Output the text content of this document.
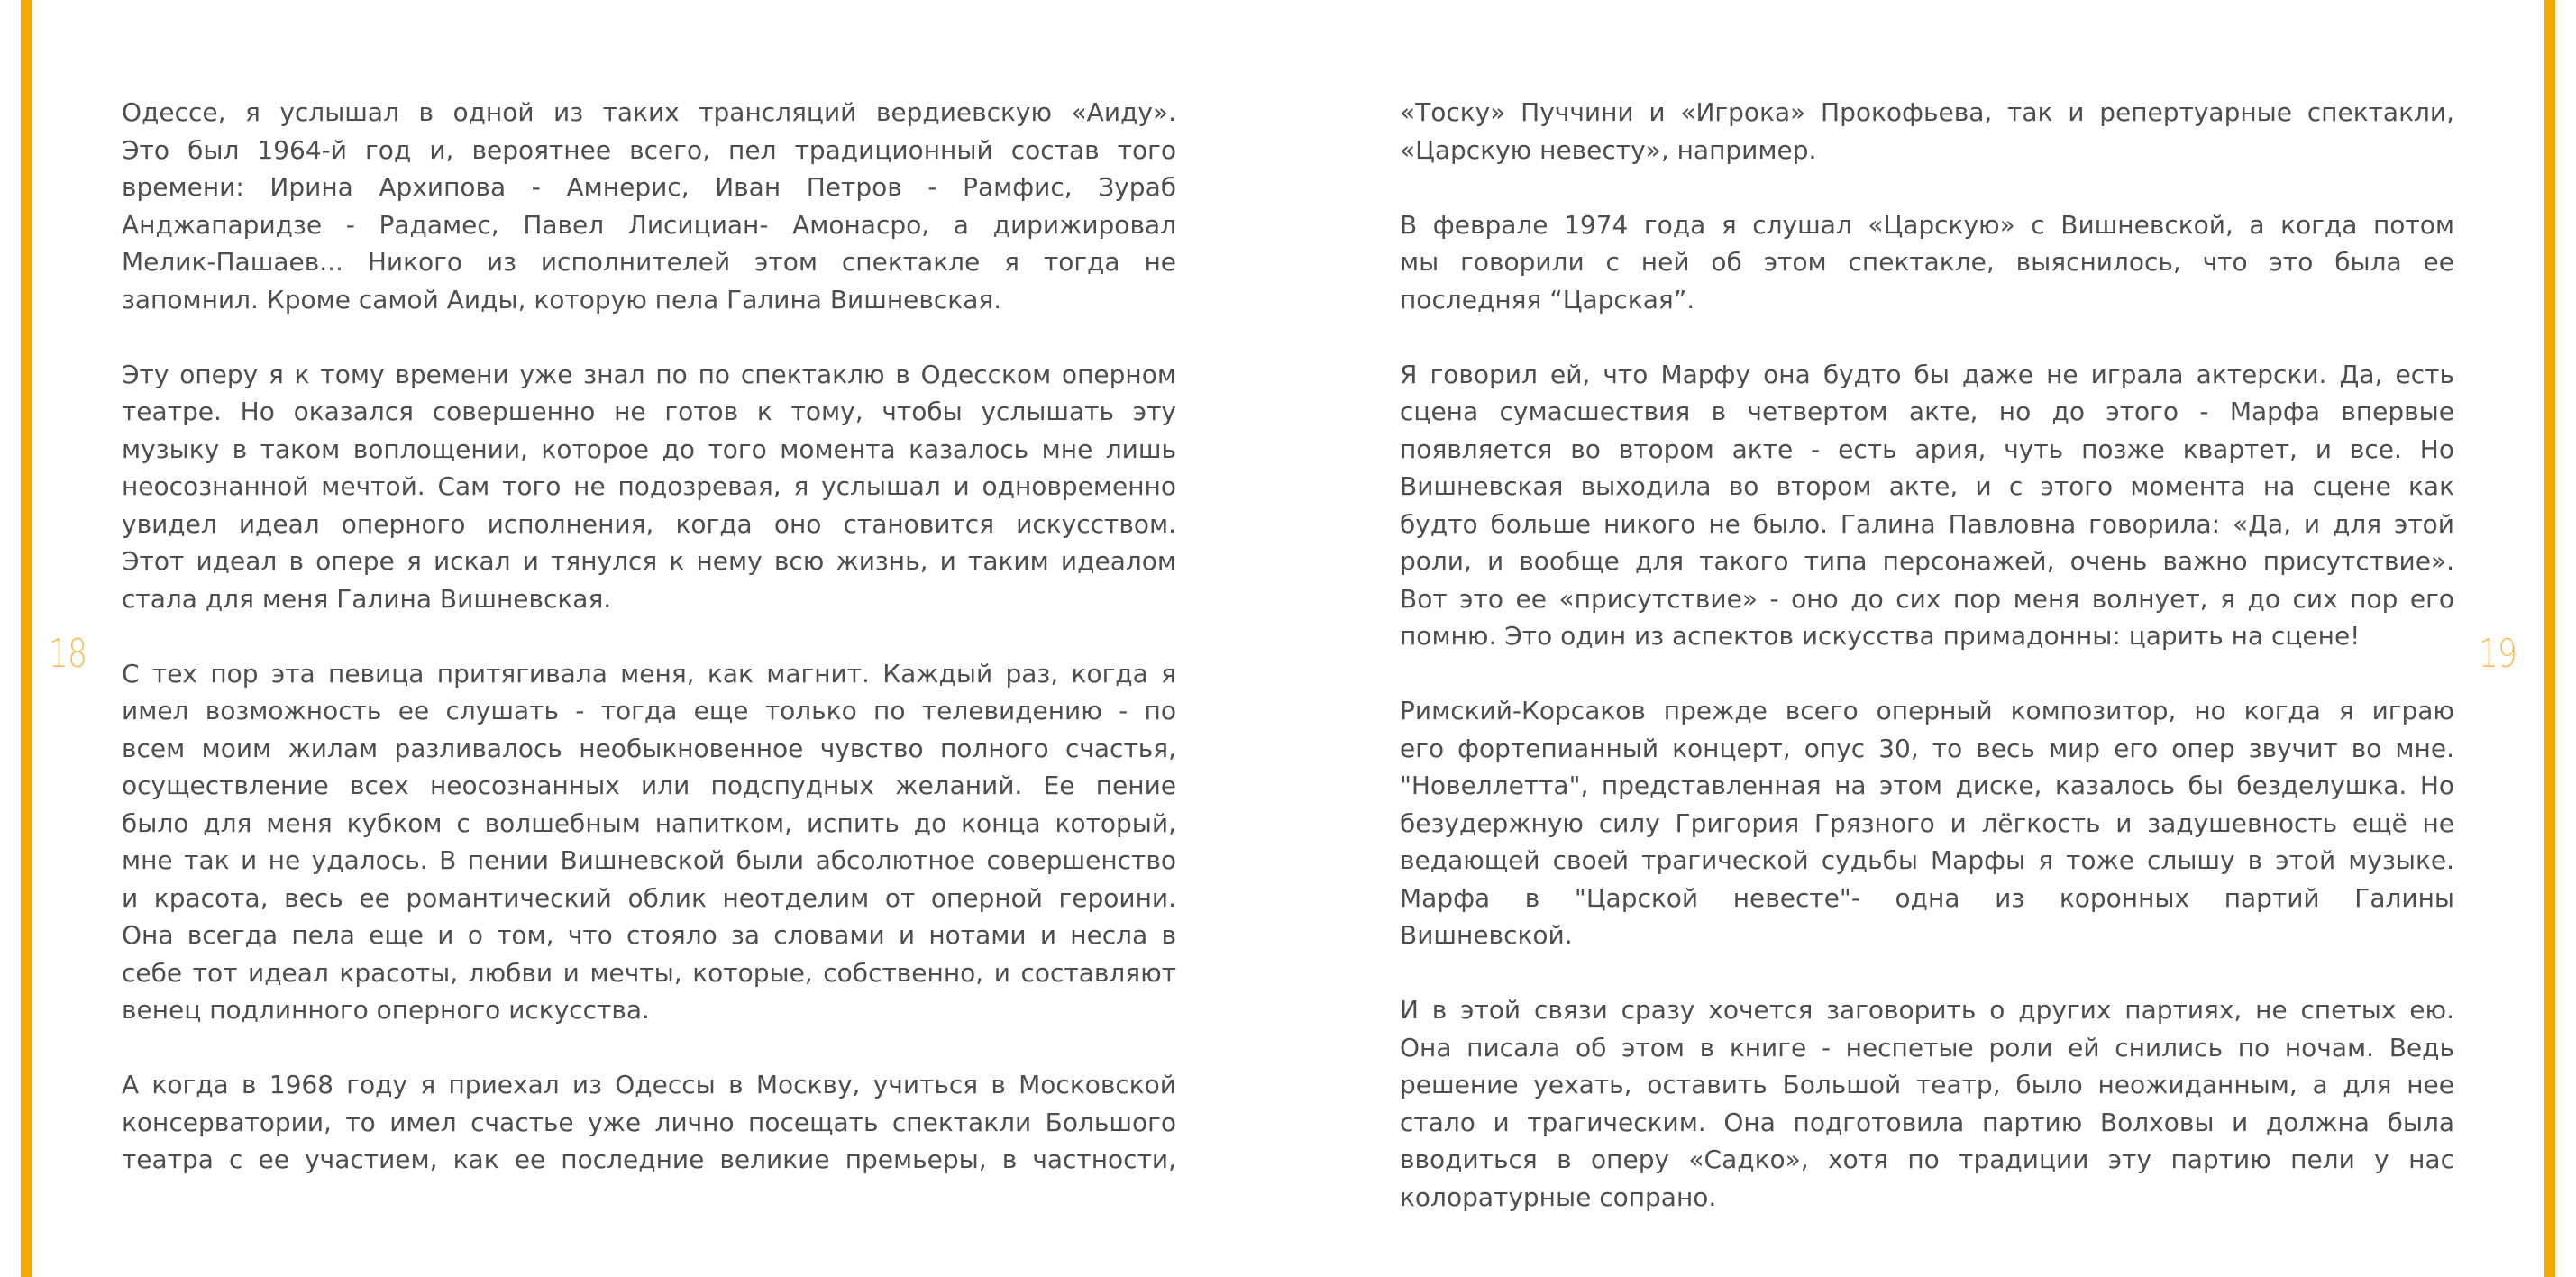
18	19
Одессе, я услышал в одной из таких трансляций вердиевскую «Аиду».
Это был 1964-й год и, вероятнее всего, пел традиционный состав того
времени: Ирина Архипова - Амнерис, Иван Петров - Рамфис, Зураб
Анджапаридзе - Радамес, Павел Лисициан- Амонасро, а дирижировал
Мелик-Пашаев... Никого из исполнителей этом спектакле я тогда не
запомнил. Кроме самой Аиды, которую пела Галина Вишневская.
Эту оперу я к тому времени уже знал по по спектаклю в Одесском оперном
театре. Но оказался совершенно не готов к тому, чтобы услышать эту
музыку в таком воплощении, которое до того момента казалось мне лишь
неосознанной мечтой. Сам того не подозревая, я услышал и одновременно
увидел идеал оперного исполнения, когда оно становится искусством.
Этот идеал в опере я искал и тянулся к нему всю жизнь, и таким идеалом
стала для меня Галина Вишневская.
С тех пор эта певица притягивала меня, как магнит. Каждый раз, когда я
имел возможность ее слушать - тогда еще только по телевидению - по
всем моим жилам разливалось необыкновенное чувство полного счастья,
осуществление всех неосознанных или подспудных желаний. Ее пение
было для меня кубком с волшебным напитком, испить до конца который,
мне так и не удалось. В пении Вишневской были абсолютное совершенство
и красота, весь ее романтический облик неотделим от оперной героини.
Она всегда пела еще и о том, что стояло за словами и нотами и несла в
себе тот идеал красоты, любви и мечты, которые, собственно, и составляют
венец подлинного оперного искусства.
А когда в 1968 году я приехал из Одессы в Москву, учиться в Московской
консерватории, то имел счастье уже лично посещать спектакли Большого
театра с ее участием, как ее последние великие премьеры, в частности,
«Тоску» Пуччини и «Игрока» Прокофьева, так и репертуарные спектакли,
«Царскую невесту», например.
В феврале 1974 года я слушал «Царскую» с Вишневской, а когда потом
мы говорили с ней об этом спектакле, выяснилось, что это была ее
последняя “Царская”.
Я говорил ей, что Марфу она будто бы даже не играла актерски. Да, есть
сцена сумасшествия в четвертом акте, но до этого - Марфа впервые
появляется во втором акте - есть ария, чуть позже квартет, и все. Но
Вишневская выходила во втором акте, и с этого момента на сцене как
будто больше никого не было. Галина Павловна говорила: «Да, и для этой
роли, и вообще для такого типа персонажей, очень важно присутствие».
Вот это ее «присутствие» - оно до сих пор меня волнует, я до сих пор его
помню. Это один из аспектов искусства примадонны: царить на сцене!
Римский-Корсаков прежде всего оперный композитор, но когда я играю
его фортепианный концерт, опус 30, то весь мир его опер звучит во мне.
"Новеллетта", представленная на этом диске, казалось бы безделушка. Но
безудержную силу Григория Грязного и лёгкость и задушевность ещё не
ведающей своей трагической судьбы Марфы я тоже слышу в этой музыке.
Марфа в "Царской невесте"- одна из коронных партий Галины
Вишневской.
И в этой связи сразу хочется заговорить о других партиях, не спетых ею.
Она писала об этом в книге - неспетые роли ей снились по ночам. Ведь
решение уехать, оставить Большой театр, было неожиданным, а для нее
стало и трагическим. Она подготовила партию Волховы и должна была
вводиться в оперу «Садко», хотя по традиции эту партию пели у нас
колоратурные сопрано.
